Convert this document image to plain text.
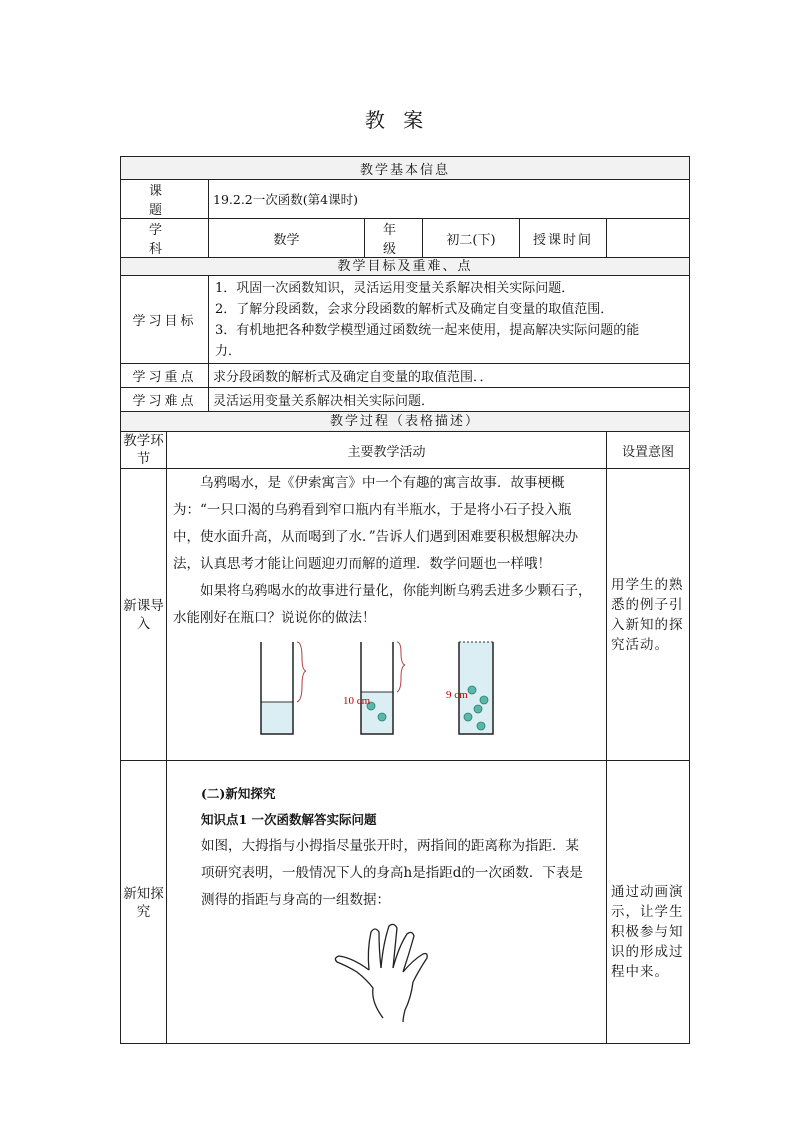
教 案
教学基本信息						
课 题		19.2.2一次函数(第4课时)				
学 科		数学	年 级	初二(下)	授课时间	
教学目标及重难、点						
学习目标		1．巩固一次函数知识，灵活运用变量关系解决相关实际问题．
2．了解分段函数，会求分段函数的解析式及确定自变量的取值范围．
3．有机地把各种数学模型通过函数统一起来使用，提高解决实际问题的能
力．				

学习重点		求分段函数的解析式及确定自变量的取值范围．．				
学习难点		灵活运用变量关系解决相关实际问题．				
教学过程（表格描述）						
教学环节	主要教学活动					设置意图
新课导入	乌鸦喝水，是《伊索寓言》中一个有趣的寓言故事．故事梗概为：“一只口渴的乌鸦看到窄口瓶内有半瓶水，于是将小石子投入瓶中，使水面升高，从而喝到了水．”告诉人们遇到困难要积极想解决办法，认真思考才能让问题迎刃而解的道理．数学问题也一样哦！

如果将乌鸦喝水的故事进行量化，你能判断乌鸦丢进多少颗石子，水能刚好在瓶口？说说你的做法！

10 cm 9 cm					用学生的熟悉的例子引入新知的探究活动。
新知探究	(二)新知探究
知识点1 一次函数解答实际问题

如图，大拇指与小拇指尽量张开时，两指间的距离称为指距．某项研究表明，一般情况下人的身高h是指距d的一次函数．下表是测得的指距与身高的一组数据：					通过动画演示，让学生积极参与知识的形成过程中来。
